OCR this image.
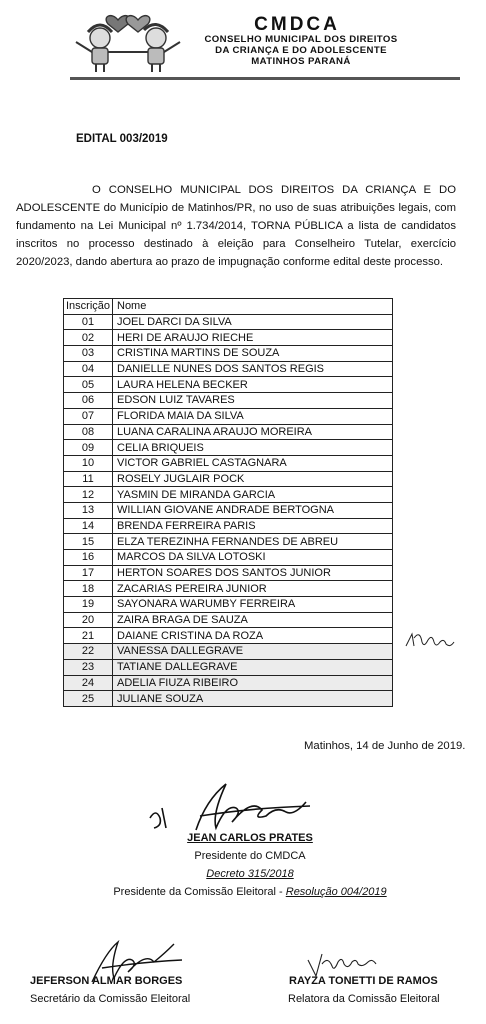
CMDCA
CONSELHO MUNICIPAL DOS DIREITOS
DA CRIANÇA E DO ADOLESCENTE
MATINHOS PARANÁ
EDITAL 003/2019
O CONSELHO MUNICIPAL DOS DIREITOS DA CRIANÇA E DO ADOLESCENTE do Município de Matinhos/PR, no uso de suas atribuições legais, com fundamento na Lei Municipal nº 1.734/2014, TORNA PÚBLICA a lista de candidatos inscritos no processo destinado à eleição para Conselheiro Tutelar, exercício 2020/2023, dando abertura ao prazo de impugnação conforme edital deste processo.
Inscrição	Nome
01	JOEL DARCI DA SILVA
02	HERI DE ARAUJO RIECHE
03	CRISTINA MARTINS DE SOUZA
04	DANIELLE NUNES DOS SANTOS REGIS
05	LAURA HELENA BECKER
06	EDSON LUIZ TAVARES
07	FLORIDA MAIA DA SILVA
08	LUANA CARALINA ARAUJO MOREIRA
09	CELIA BRIQUEIS
10	VICTOR GABRIEL CASTAGNARA
11	ROSELY JUGLAIR POCK
12	YASMIN DE MIRANDA GARCIA
13	WILLIAN GIOVANE ANDRADE BERTOGNA
14	BRENDA FERREIRA PARIS
15	ELZA TEREZINHA FERNANDES DE ABREU
16	MARCOS DA SILVA LOTOSKI
17	HERTON SOARES DOS SANTOS JUNIOR
18	ZACARIAS PEREIRA JUNIOR
19	SAYONARA WARUMBY FERREIRA
20	ZAIRA BRAGA DE SAUZA
21	DAIANE CRISTINA DA ROZA
22	VANESSA DALLEGRAVE
23	TATIANE DALLEGRAVE
24	ADELIA FIUZA RIBEIRO
25	JULIANE SOUZA
Matinhos, 14 de Junho de 2019.
JEAN CARLOS PRATES
Presidente do CMDCA
Decreto 315/2018
Presidente da Comissão Eleitoral - Resolução 004/2019
JEFERSON ALMAR BORGES
Secretário da Comissão Eleitoral
RAYZA TONETTI DE RAMOS
Relatora da Comissão Eleitoral
